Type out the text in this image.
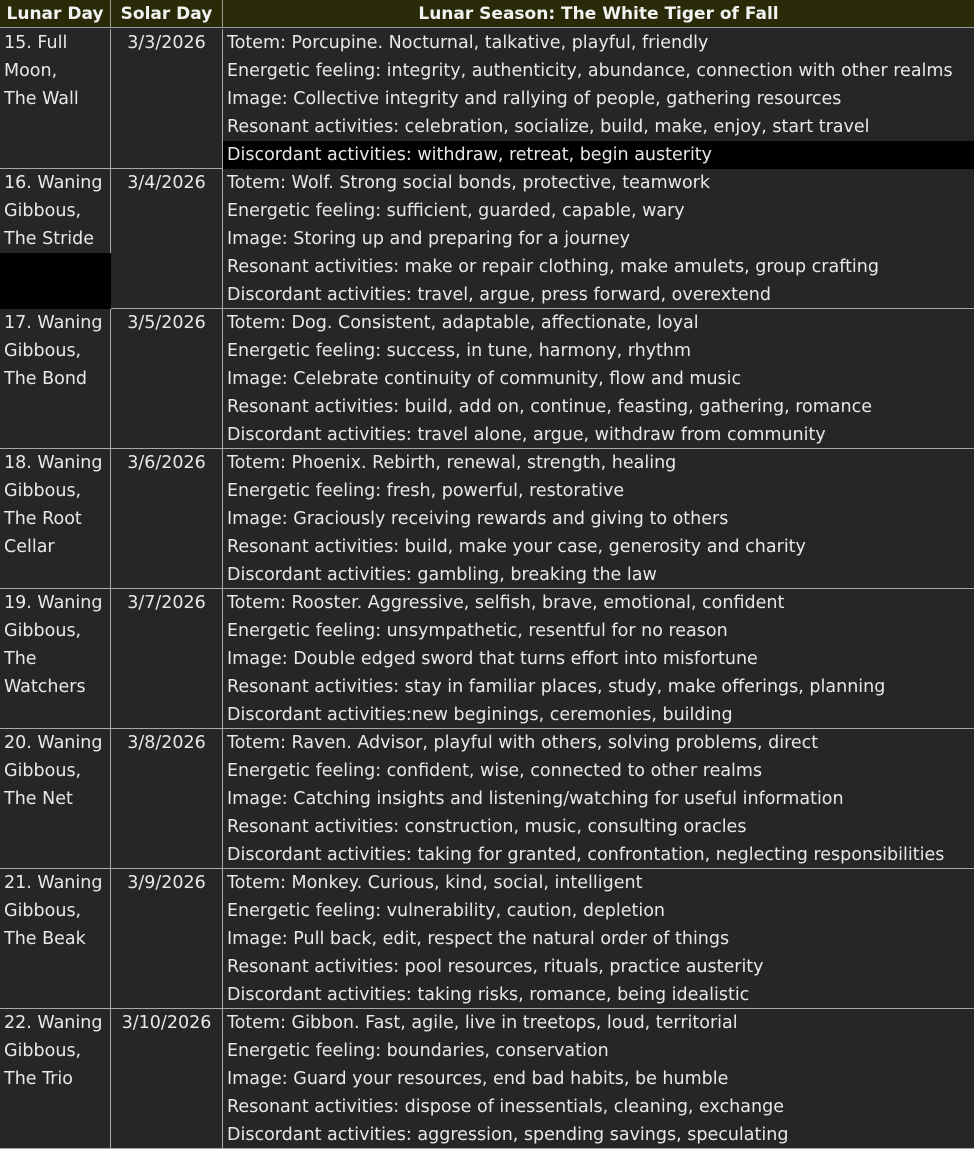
Lunar Day	Solar Day	Lunar Season: The White Tiger of Fall
15. Full
Moon,
The Wall
3/3/2026	Totem: Porcupine. Nocturnal, talkative, playful, friendly
Energetic feeling: integrity, authenticity, abundance, connection with other realms
Image: Collective integrity and rallying of people, gathering resources
Resonant activities: celebration, socialize, build, make, enjoy, start travel
Discordant activities: withdraw, retreat, begin austerity
16. Waning
Gibbous,
The Stride
3/4/2026	Totem: Wolf. Strong social bonds, protective, teamwork
Energetic feeling: sufficient, guarded, capable, wary
Image: Storing up and preparing for a journey
Resonant activities: make or repair clothing, make amulets, group crafting
Discordant activities: travel, argue, press forward, overextend
17. Waning
Gibbous,
The Bond
3/5/2026	Totem: Dog. Consistent, adaptable, affectionate, loyal
Energetic feeling: success, in tune, harmony, rhythm
Image: Celebrate continuity of community, flow and music
Resonant activities: build, add on, continue, feasting, gathering, romance
Discordant activities: travel alone, argue, withdraw from community
18. Waning
Gibbous,
The Root
Cellar
3/6/2026	Totem: Phoenix. Rebirth, renewal, strength, healing
Energetic feeling: fresh, powerful, restorative
Image: Graciously receiving rewards and giving to others
Resonant activities: build, make your case, generosity and charity
Discordant activities: gambling, breaking the law
19. Waning
Gibbous,
The
Watchers
3/7/2026	Totem: Rooster. Aggressive, selfish, brave, emotional, confident
Energetic feeling: unsympathetic, resentful for no reason
Image: Double edged sword that turns effort into misfortune
Resonant activities: stay in familiar places, study, make offerings, planning
Discordant activities:new beginings, ceremonies, building
20. Waning
Gibbous,
The Net
3/8/2026	Totem: Raven. Advisor, playful with others, solving problems, direct
Energetic feeling: confident, wise, connected to other realms
Image: Catching insights and listening/watching for useful information
Resonant activities: construction, music, consulting oracles
Discordant activities: taking for granted, confrontation, neglecting responsibilities
21. Waning
Gibbous,
The Beak
3/9/2026	Totem: Monkey. Curious, kind, social, intelligent
Energetic feeling: vulnerability, caution, depletion
Image: Pull back, edit, respect the natural order of things
Resonant activities: pool resources, rituals, practice austerity
Discordant activities: taking risks, romance, being idealistic
22. Waning
Gibbous,
The Trio
3/10/2026 Totem: Gibbon. Fast, agile, live in treetops, loud, territorial
Energetic feeling: boundaries, conservation
Image: Guard your resources, end bad habits, be humble
Resonant activities: dispose of inessentials, cleaning, exchange
Discordant activities: aggression, spending savings, speculating
